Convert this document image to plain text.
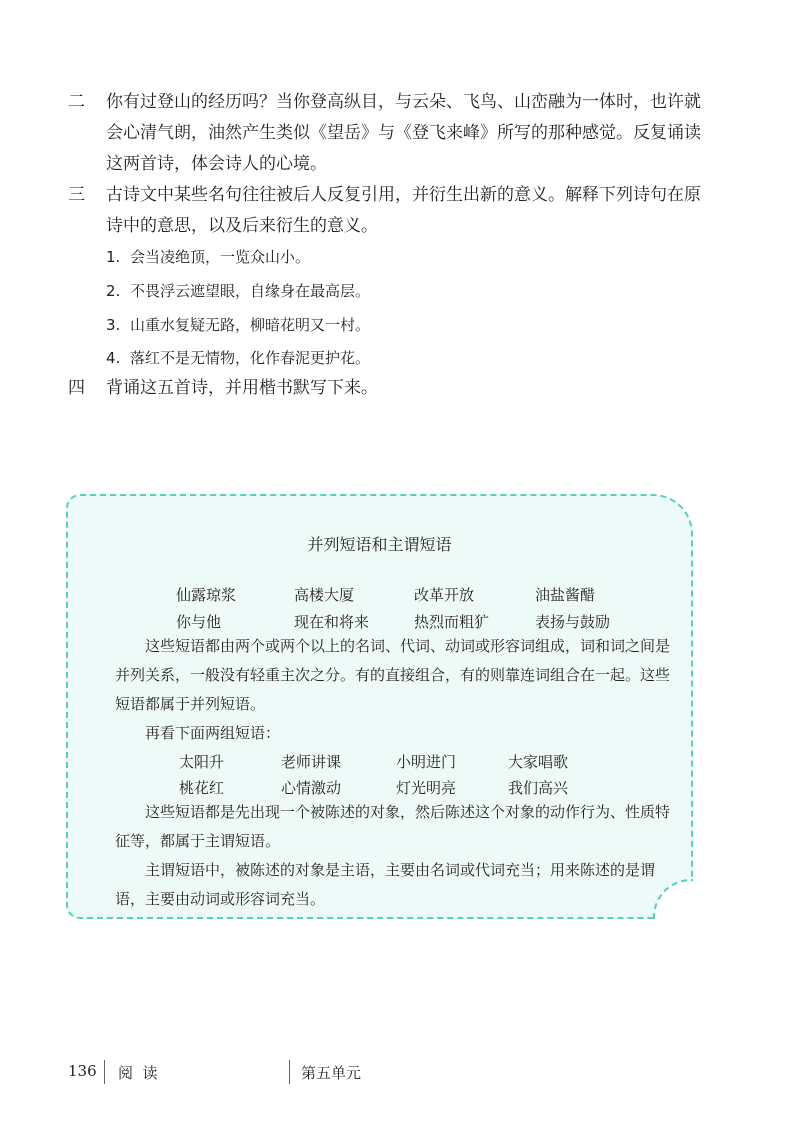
二	你有过登山的经历吗？当你登高纵目，与云朵、飞鸟、山峦融为一体时，也许就会心清气朗，油然产生类似《望岳》与《登飞来峰》所写的那种感觉。反复诵读这两首诗，体会诗人的心境。
三	古诗文中某些名句往往被后人反复引用，并衍生出新的意义。解释下列诗句在原诗中的意思，以及后来衍生的意义。
1. 会当凌绝顶，一览众山小。
2. 不畏浮云遮望眼，自缘身在最高层。
3. 山重水复疑无路，柳暗花明又一村。
4. 落红不是无情物，化作春泥更护花。
四	背诵这五首诗，并用楷书默写下来。
并列短语和主谓短语
仙露琼浆	高楼大厦	改革开放	油盐酱醋
你与他	现在和将来	热烈而粗犷	表扬与鼓励
这些短语都由两个或两个以上的名词、代词、动词或形容词组成，词和词之间是并列关系，一般没有轻重主次之分。有的直接组合，有的则靠连词组合在一起。这些短语都属于并列短语。
再看下面两组短语：
太阳升	老师讲课	小明进门	大家唱歌
桃花红	心情激动	灯光明亮	我们高兴
这些短语都是先出现一个被陈述的对象，然后陈述这个对象的动作行为、性质特征等，都属于主谓短语。
主谓短语中，被陈述的对象是主语，主要由名词或代词充当；用来陈述的是谓语，主要由动词或形容词充当。
136 阅  读	第五单元
